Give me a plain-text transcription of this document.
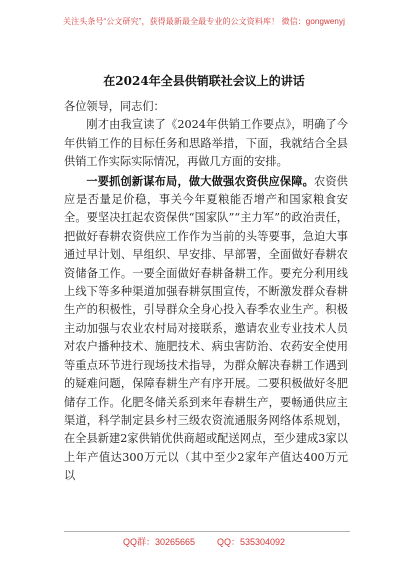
关注头条号“公文研究”，获得最新最全最专业的公文资料库！ 微信：gongwenyj
在2024年全县供销联社会议上的讲话

各位领导，同志们：

刚才由我宣读了《2024年供销工作要点》，明确了今年供销工作的目标任务和思路举措，下面，我就结合全县供销工作实际实际情况，再做几方面的安排。

一要抓创新谋布局，做大做强农资供应保障。农资供应是否量足价稳，事关今年夏粮能否增产和国家粮食安全。要坚决扛起农资保供“国家队”“主力军”的政治责任，把做好春耕农资供应工作作为当前的头等要事，急迫大事通过早计划、早组织、早安排、早部署，全面做好春耕农资储备工作。一要全面做好春耕备耕工作。要充分利用线上线下等多种渠道加强春耕氛围宣传，不断激发群众春耕生产的积极性，引导群众全身心投入春季农业生产。积极主动加强与农业农村局对接联系，邀请农业专业技术人员对农户播种技术、施肥技术、病虫害防治、农药安全使用等重点环节进行现场技术指导，为群众解决春耕工作遇到的疑难问题，保障春耕生产有序开展。二要积极做好冬肥储存工作。化肥冬储关系到来年春耕生产，要畅通供应主渠道，科学制定县乡村三级农资流通服务网络体系规划，在全县新建2家供销优供商超或配送网点，至少建成3家以上年产值达300万元以（其中至少2家年产值达400万元以

QQ群：30265665 QQ：535304092
